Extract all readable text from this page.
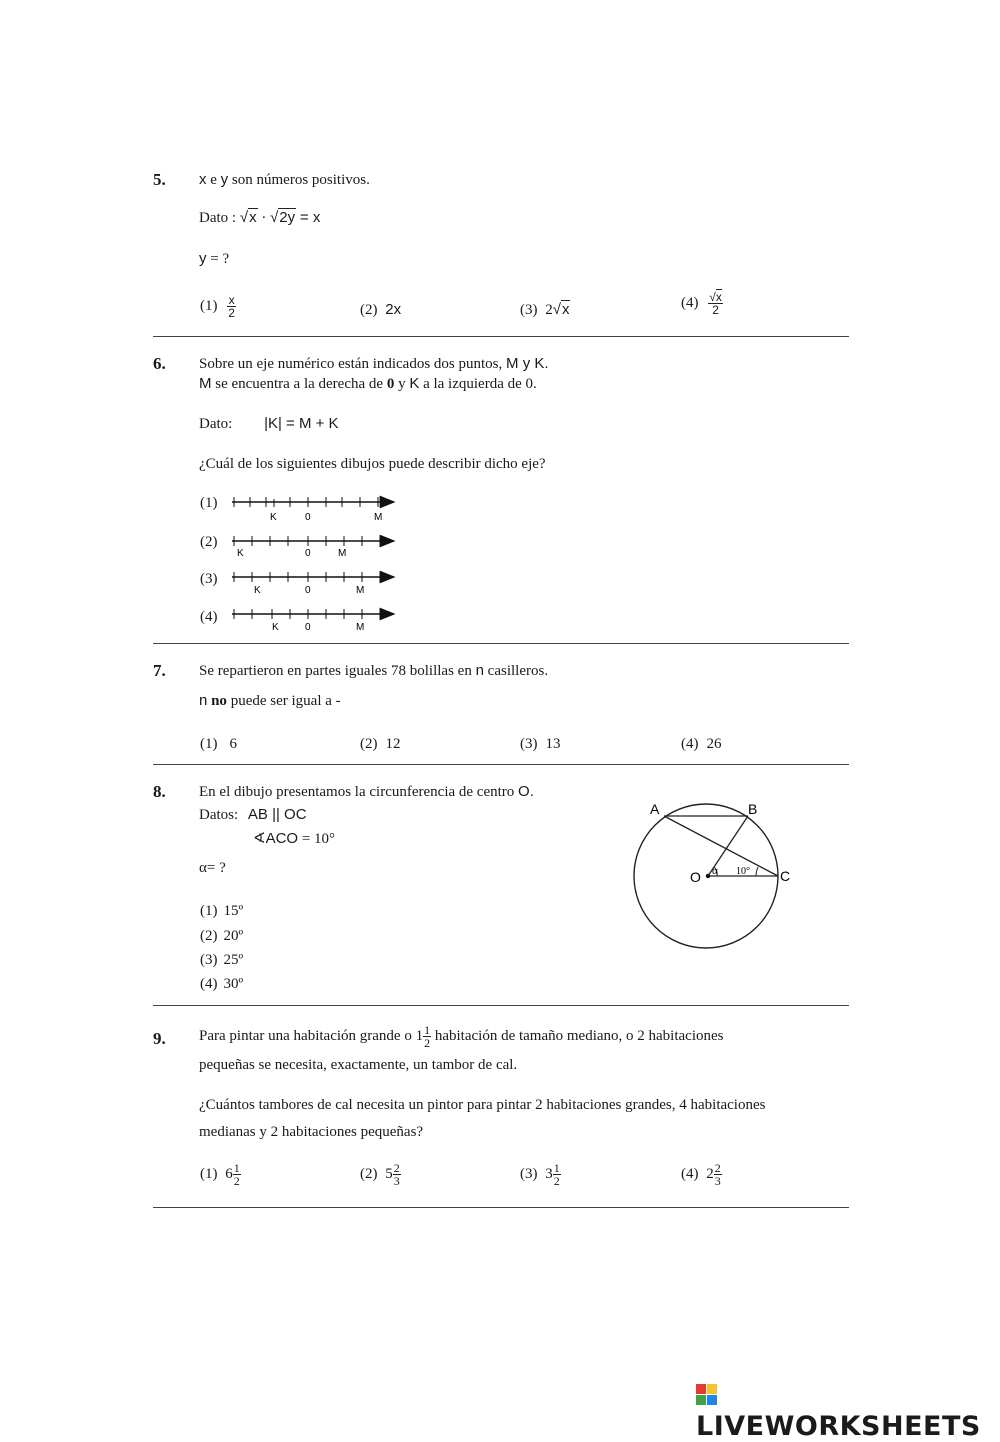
5. x e y son números positivos.
Dato : √x · √2y = x
y = ?
$(1) \frac{x}{2}$	(2) 2x	(3) 2√x	$(4) \frac{√x}{2}$
6. Sobre un eje numérico están indicados dos puntos, M y K.
M se encuentra a la derecha de 0 y K a la izquierda de 0.
Dato: |K| = M + K
¿Cuál de los siguientes dibujos puede describir dicho eje?
(1)
(2)
(3)
(4)
K	0	M
K	0	M
K	0	M
K	0	M
7. Se repartieron en partes iguales 78 bolillas en n casilleros.
n no puede ser igual a -
(1) 6	(2) 12	(3) 13	(4) 26
8. En el dibujo presentamos la circunferencia de centro O.
Datos: AB || OC
∢ACO = 10°
α= ?
(1) 15º
(2) 20º
(3) 25º
(4) 30º
A	B
O	C
α 10°
9. Para pintar una habitación grande o $1 \frac{1}{2}$ habitación de tamaño mediano, o 2 habitaciones
pequeñas se necesita, exactamente, un tambor de cal.
¿Cuántos tambores de cal necesita un pintor para pintar 2 habitaciones grandes, 4 habitaciones
medianas y 2 habitaciones pequeñas?
(1) $6 \frac{1}{2}$	(2) $5 \frac{2}{3}$	(3) $3 \frac{1}{2}$	(4) $2 \frac{2}{3}$
LIVEWORKSHEETS
